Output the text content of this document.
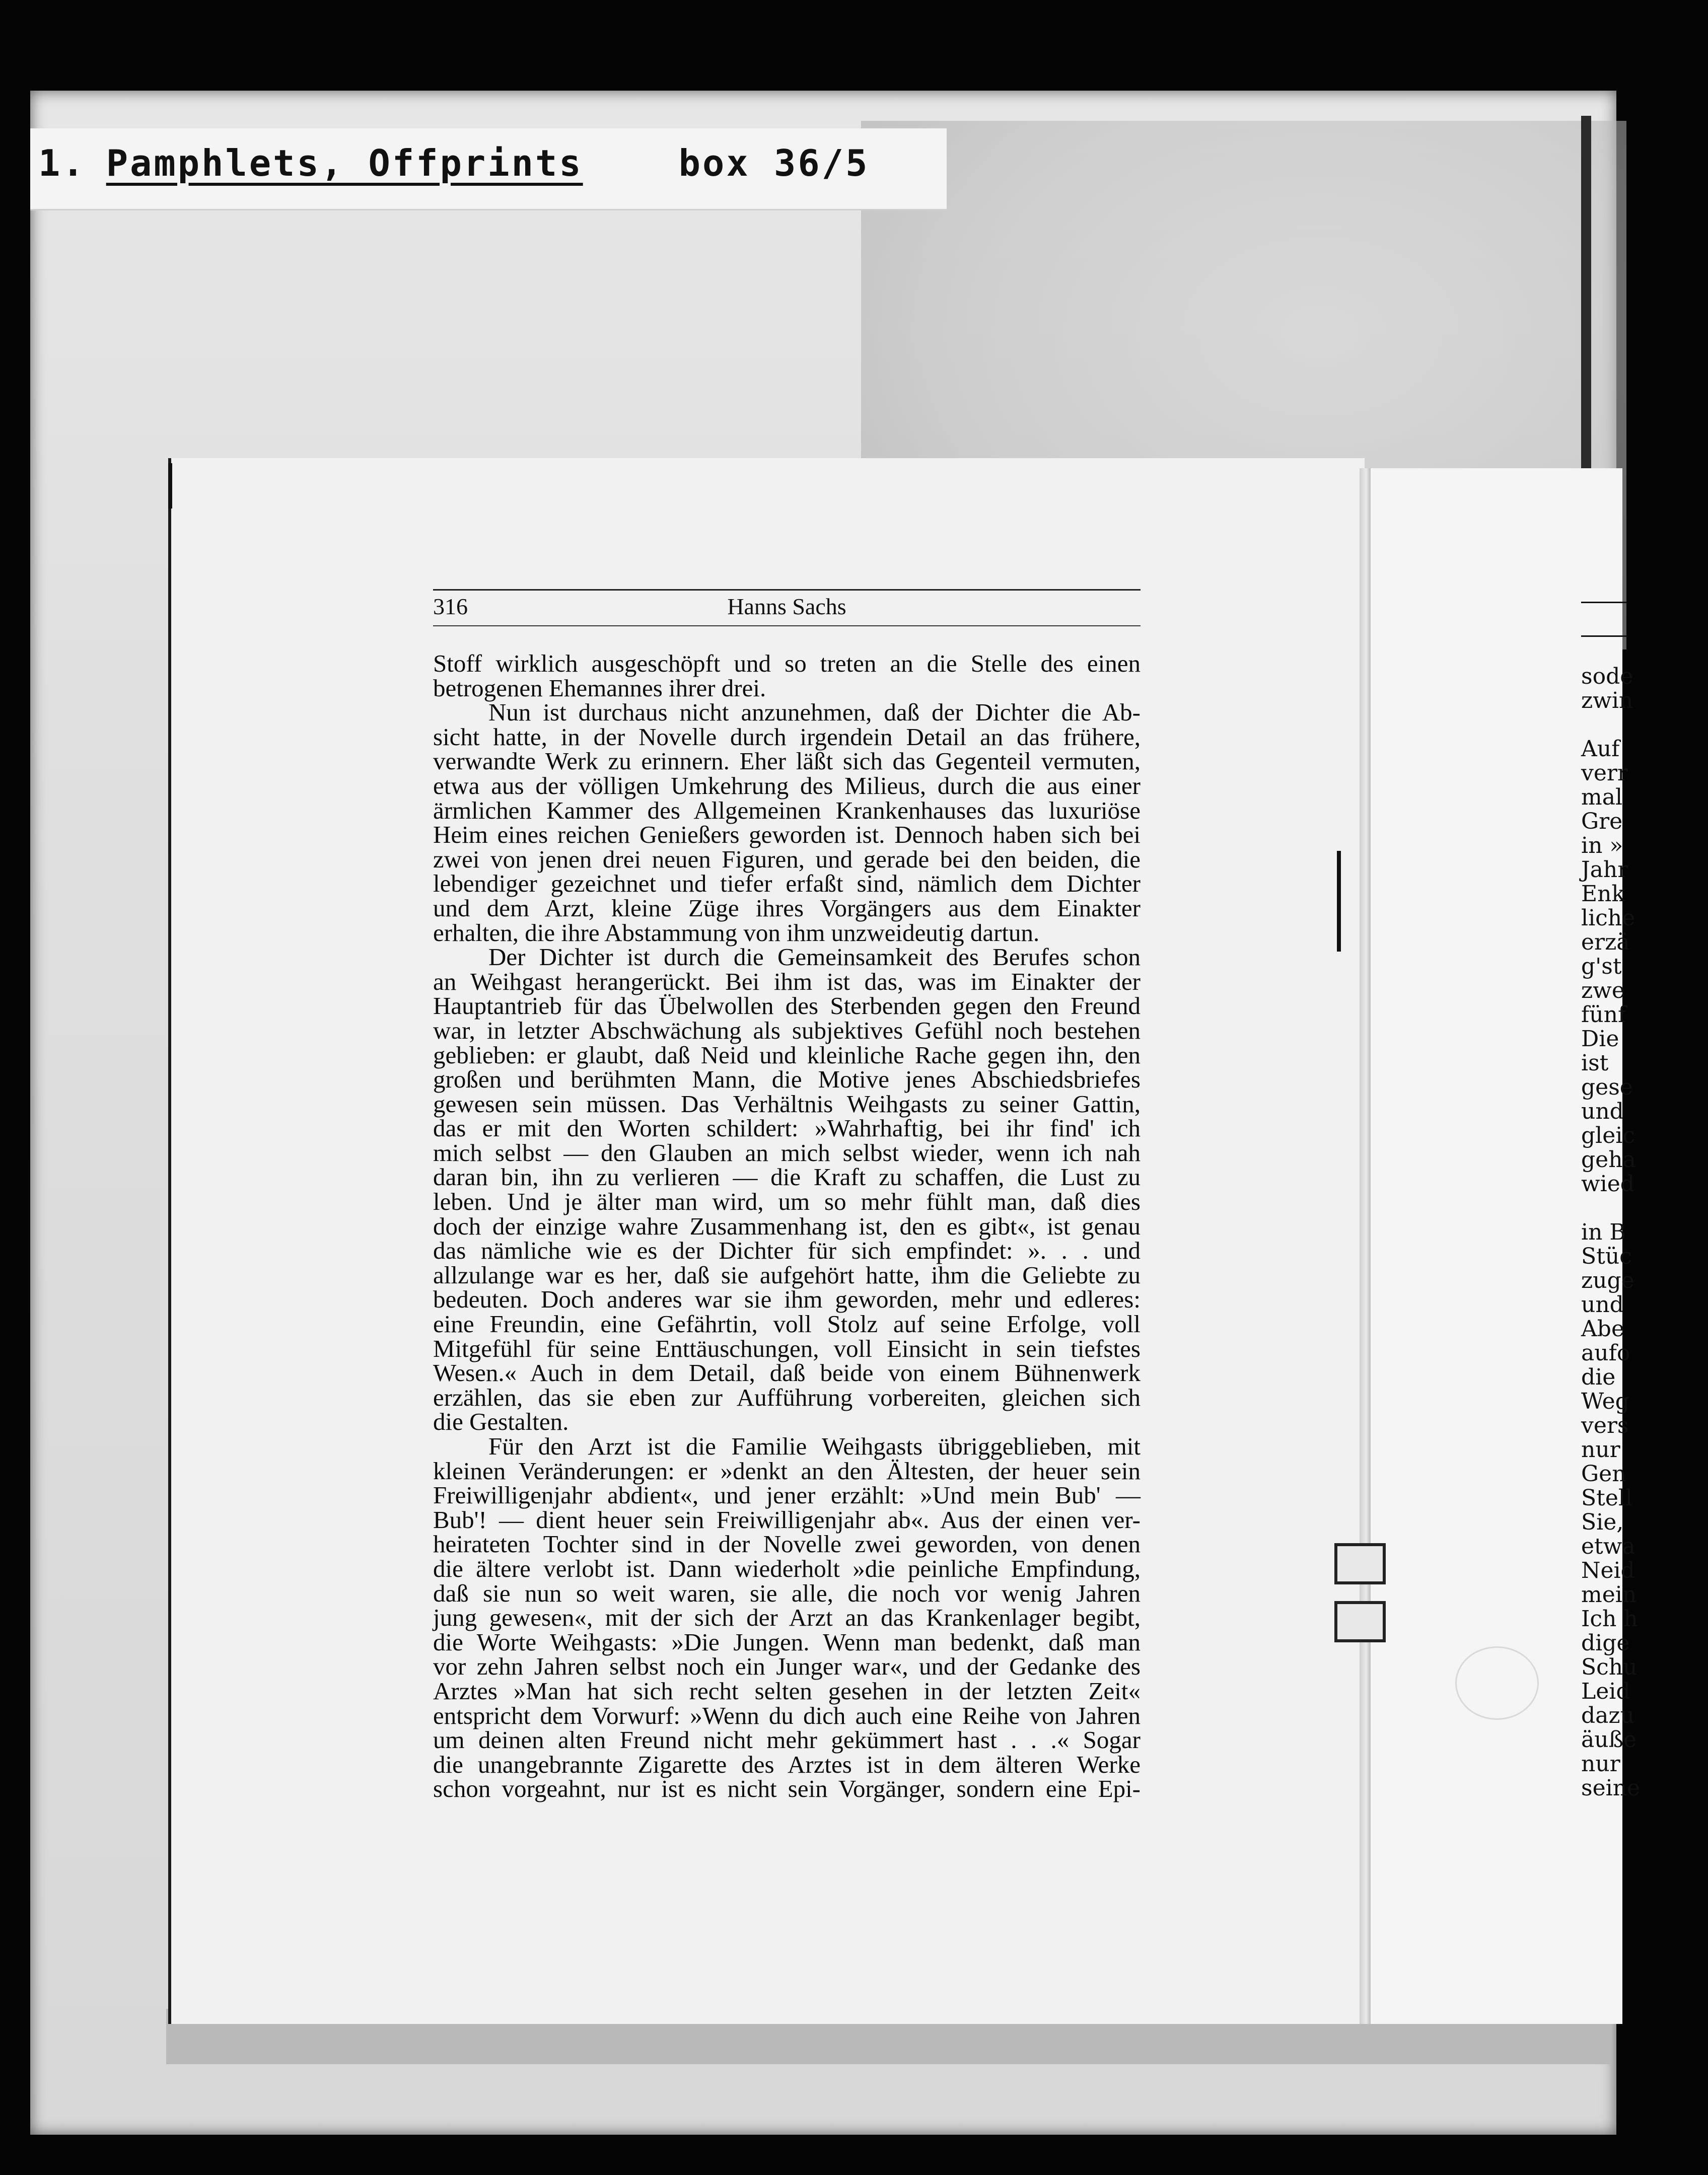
1. Pamphlets, Offprints	box 36/5
sode
zwin
Auf
verr
mal
Gre
in »
Jahr
Enk
liche
erzä
g'st
zwe
fünf
Die
ist
gese
und
gleic
geha
wied
in B
Stüc
zuge
und
Abe
aufo
die
Weg
vers
nur
Gen
Stell
Sie,
etwa
Neid
mein
Ich h
dige
Schu
Leid
dazu
äuße
nur
seine
316	Hanns Sachs
Stoff wirklich ausgeschöpft und so treten an die Stelle des einen
betrogenen Ehemannes ihrer drei.
Nun ist durchaus nicht anzunehmen, daß der Dichter die Ab-
sicht hatte, in der Novelle durch irgendein Detail an das frühere,
verwandte Werk zu erinnern. Eher läßt sich das Gegenteil vermuten,
etwa aus der völligen Umkehrung des Milieus, durch die aus einer
ärmlichen Kammer des Allgemeinen Krankenhauses das luxuriöse
Heim eines reichen Genießers geworden ist. Dennoch haben sich bei
zwei von jenen drei neuen Figuren, und gerade bei den beiden, die
lebendiger gezeichnet und tiefer erfaßt sind, nämlich dem Dichter
und dem Arzt, kleine Züge ihres Vorgängers aus dem Einakter
erhalten, die ihre Abstammung von ihm unzweideutig dartun.
Der Dichter ist durch die Gemeinsamkeit des Berufes schon
an Weihgast herangerückt. Bei ihm ist das, was im Einakter der
Hauptantrieb für das Übelwollen des Sterbenden gegen den Freund
war, in letzter Abschwächung als subjektives Gefühl noch bestehen
geblieben: er glaubt, daß Neid und kleinliche Rache gegen ihn, den
großen und berühmten Mann, die Motive jenes Abschiedsbriefes
gewesen sein müssen. Das Verhältnis Weihgasts zu seiner Gattin,
das er mit den Worten schildert: »Wahrhaftig, bei ihr find' ich
mich selbst — den Glauben an mich selbst wieder, wenn ich nah
daran bin, ihn zu verlieren — die Kraft zu schaffen, die Lust zu
leben. Und je älter man wird, um so mehr fühlt man, daß dies
doch der einzige wahre Zusammenhang ist, den es gibt«, ist genau
das nämliche wie es der Dichter für sich empfindet: ». . . und
allzulange war es her, daß sie aufgehört hatte, ihm die Geliebte zu
bedeuten. Doch anderes war sie ihm geworden, mehr und edleres:
eine Freundin, eine Gefährtin, voll Stolz auf seine Erfolge, voll
Mitgefühl für seine Enttäuschungen, voll Einsicht in sein tiefstes
Wesen.« Auch in dem Detail, daß beide von einem Bühnenwerk
erzählen, das sie eben zur Aufführung vorbereiten, gleichen sich
die Gestalten.
Für den Arzt ist die Familie Weihgasts übriggeblieben, mit
kleinen Veränderungen: er »denkt an den Ältesten, der heuer sein
Freiwilligenjahr abdient«, und jener erzählt: »Und mein Bub' —
Bub'! — dient heuer sein Freiwilligenjahr ab«. Aus der einen ver-
heirateten Tochter sind in der Novelle zwei geworden, von denen
die ältere verlobt ist. Dann wiederholt »die peinliche Empfindung,
daß sie nun so weit waren, sie alle, die noch vor wenig Jahren
jung gewesen«, mit der sich der Arzt an das Krankenlager begibt,
die Worte Weihgasts: »Die Jungen. Wenn man bedenkt, daß man
vor zehn Jahren selbst noch ein Junger war«, und der Gedanke des
Arztes »Man hat sich recht selten gesehen in der letzten Zeit«
entspricht dem Vorwurf: »Wenn du dich auch eine Reihe von Jahren
um deinen alten Freund nicht mehr gekümmert hast . . .« Sogar
die unangebrannte Zigarette des Arztes ist in dem älteren Werke
schon vorgeahnt, nur ist es nicht sein Vorgänger, sondern eine Epi-
